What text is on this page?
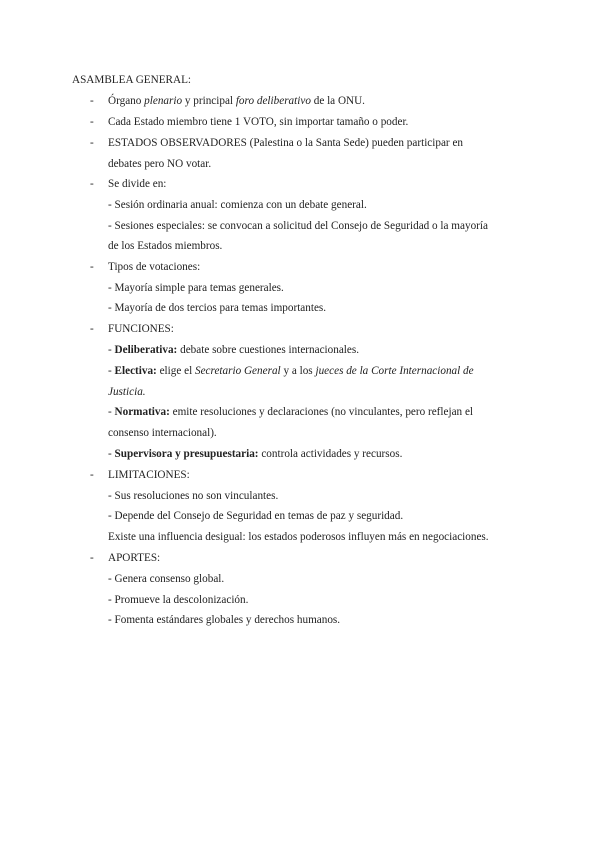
ASAMBLEA GENERAL:
- Órgano plenario y principal foro deliberativo de la ONU.
- Cada Estado miembro tiene 1 VOTO, sin importar tamaño o poder.
- ESTADOS OBSERVADORES (Palestina o la Santa Sede) pueden participar en
debates pero NO votar.
- Se divide en:
- Sesión ordinaria anual: comienza con un debate general.
- Sesiones especiales: se convocan a solicitud del Consejo de Seguridad o la mayoría
de los Estados miembros.
- Tipos de votaciones:
- Mayoría simple para temas generales.
- Mayoría de dos tercios para temas importantes.
- FUNCIONES:
- Deliberativa: debate sobre cuestiones internacionales.
- Electiva: elige el Secretario General y a los jueces de la Corte Internacional de
Justicia.
- Normativa: emite resoluciones y declaraciones (no vinculantes, pero reflejan el
consenso internacional).
- Supervisora y presupuestaria: controla actividades y recursos.
- LIMITACIONES:
- Sus resoluciones no son vinculantes.
- Depende del Consejo de Seguridad en temas de paz y seguridad.
Existe una influencia desigual: los estados poderosos influyen más en negociaciones.
- APORTES:
- Genera consenso global.
- Promueve la descolonización.
- Fomenta estándares globales y derechos humanos.
